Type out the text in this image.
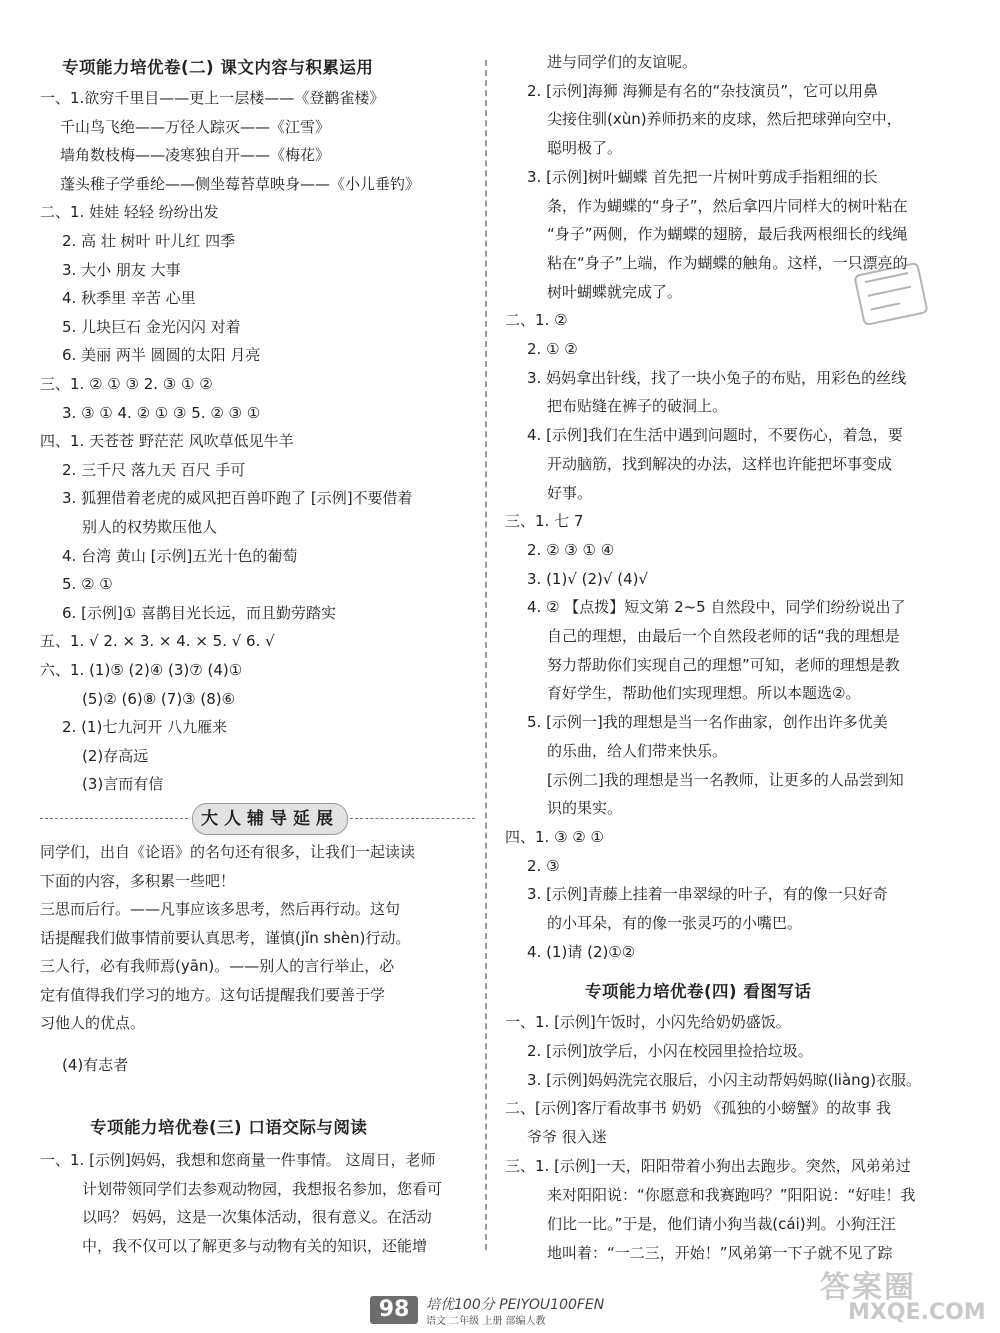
专项能力培优卷(二) 课文内容与积累运用
一、1.欲穷千里目——更上一层楼——《登鹳雀楼》
千山鸟飞绝——万径人踪灭——《江雪》
墙角数枝梅——凌寒独自开——《梅花》
蓬头稚子学垂纶——侧坐莓苔草映身——《小儿垂钓》
二、1. 娃娃 轻轻 纷纷出发
2. 高 壮 树叶 叶儿红 四季
3. 大小 朋友 大事
4. 秋季里 辛苦 心里
5. 儿块巨石 金光闪闪 对着
6. 美丽 两半 圆圆的太阳 月亮
三、1. ② ① ③ 2. ③ ① ②
3. ③ ① 4. ② ① ③ 5. ② ③ ①
四、1. 天苍苍 野茫茫 风吹草低见牛羊
2. 三千尺 落九天 百尺 手可
3. 狐狸借着老虎的威风把百兽吓跑了 [示例]不要借着
别人的权势欺压他人
4. 台湾 黄山 [示例]五光十色的葡萄
5. ② ①
6. [示例]① 喜鹊目光长远，而且勤劳踏实
五、1. √ 2. × 3. × 4. × 5. √ 6. √
六、1. (1)⑤ (2)④ (3)⑦ (4)①
(5)② (6)⑧ (7)③ (8)⑥
2. (1)七九河开 八九雁来
(2)存高远
(3)言而有信
大人辅导延展
同学们，出自《论语》的名句还有很多，让我们一起读读
下面的内容，多积累一些吧！
三思而后行。——凡事应该多思考，然后再行动。这句
话提醒我们做事情前要认真思考，谨慎(jǐn shèn)行动。
三人行，必有我师焉(yān)。——别人的言行举止，必
定有值得我们学习的地方。这句话提醒我们要善于学
习他人的优点。
(4)有志者
专项能力培优卷(三) 口语交际与阅读
一、1. [示例]妈妈，我想和您商量一件事情。 这周日，老师
计划带领同学们去参观动物园，我想报名参加，您看可
以吗？ 妈妈，这是一次集体活动，很有意义。在活动
中，我不仅可以了解更多与动物有关的知识，还能增
进与同学们的友谊呢。
2. [示例]海狮 海狮是有名的“杂技演员”，它可以用鼻
尖接住驯(xùn)养师扔来的皮球，然后把球弹向空中，
聪明极了。
3. [示例]树叶蝴蝶 首先把一片树叶剪成手指粗细的长
条，作为蝴蝶的“身子”，然后拿四片同样大的树叶粘在
“身子”两侧，作为蝴蝶的翅膀，最后我两根细长的线绳
粘在“身子”上端，作为蝴蝶的触角。这样，一只漂亮的
树叶蝴蝶就完成了。
二、1. ②
2. ① ②
3. 妈妈拿出针线，找了一块小兔子的布贴，用彩色的丝线
把布贴缝在裤子的破洞上。
4. [示例]我们在生活中遇到问题时，不要伤心，着急，要
开动脑筋，找到解决的办法，这样也许能把坏事变成
好事。
三、1. 七 7
2. ② ③ ① ④
3. (1)√ (2)√ (4)√
4. ② 【点拨】短文第 2~5 自然段中，同学们纷纷说出了
自己的理想，由最后一个自然段老师的话“我的理想是
努力帮助你们实现自己的理想”可知，老师的理想是教
育好学生，帮助他们实现理想。所以本题选②。
5. [示例一]我的理想是当一名作曲家，创作出许多优美
的乐曲，给人们带来快乐。
[示例二]我的理想是当一名教师，让更多的人品尝到知
识的果实。
四、1. ③ ② ①
2. ③
3. [示例]青藤上挂着一串翠绿的叶子，有的像一只好奇
的小耳朵，有的像一张灵巧的小嘴巴。
4. (1)请 (2)①②
专项能力培优卷(四) 看图写话
一、1. [示例]午饭时，小闪先给奶奶盛饭。
2. [示例]放学后，小闪在校园里捡拾垃圾。
3. [示例]妈妈洗完衣服后，小闪主动帮妈妈晾(liàng)衣服。
二、[示例]客厅看故事书 奶奶 《孤独的小螃蟹》的故事 我
爷爷 很入迷
三、1. [示例]一天，阳阳带着小狗出去跑步。突然，风弟弟过
来对阳阳说：“你愿意和我赛跑吗？”阳阳说：“好哇！我
们比一比。”于是，他们请小狗当裁(cái)判。小狗汪汪
地叫着：“一二三，开始！”风弟第一下子就不见了踪
98	培优100分 PEIYOU100FEN
语文 二年级 上册 部编人教
答案圈
MXQE.COM
